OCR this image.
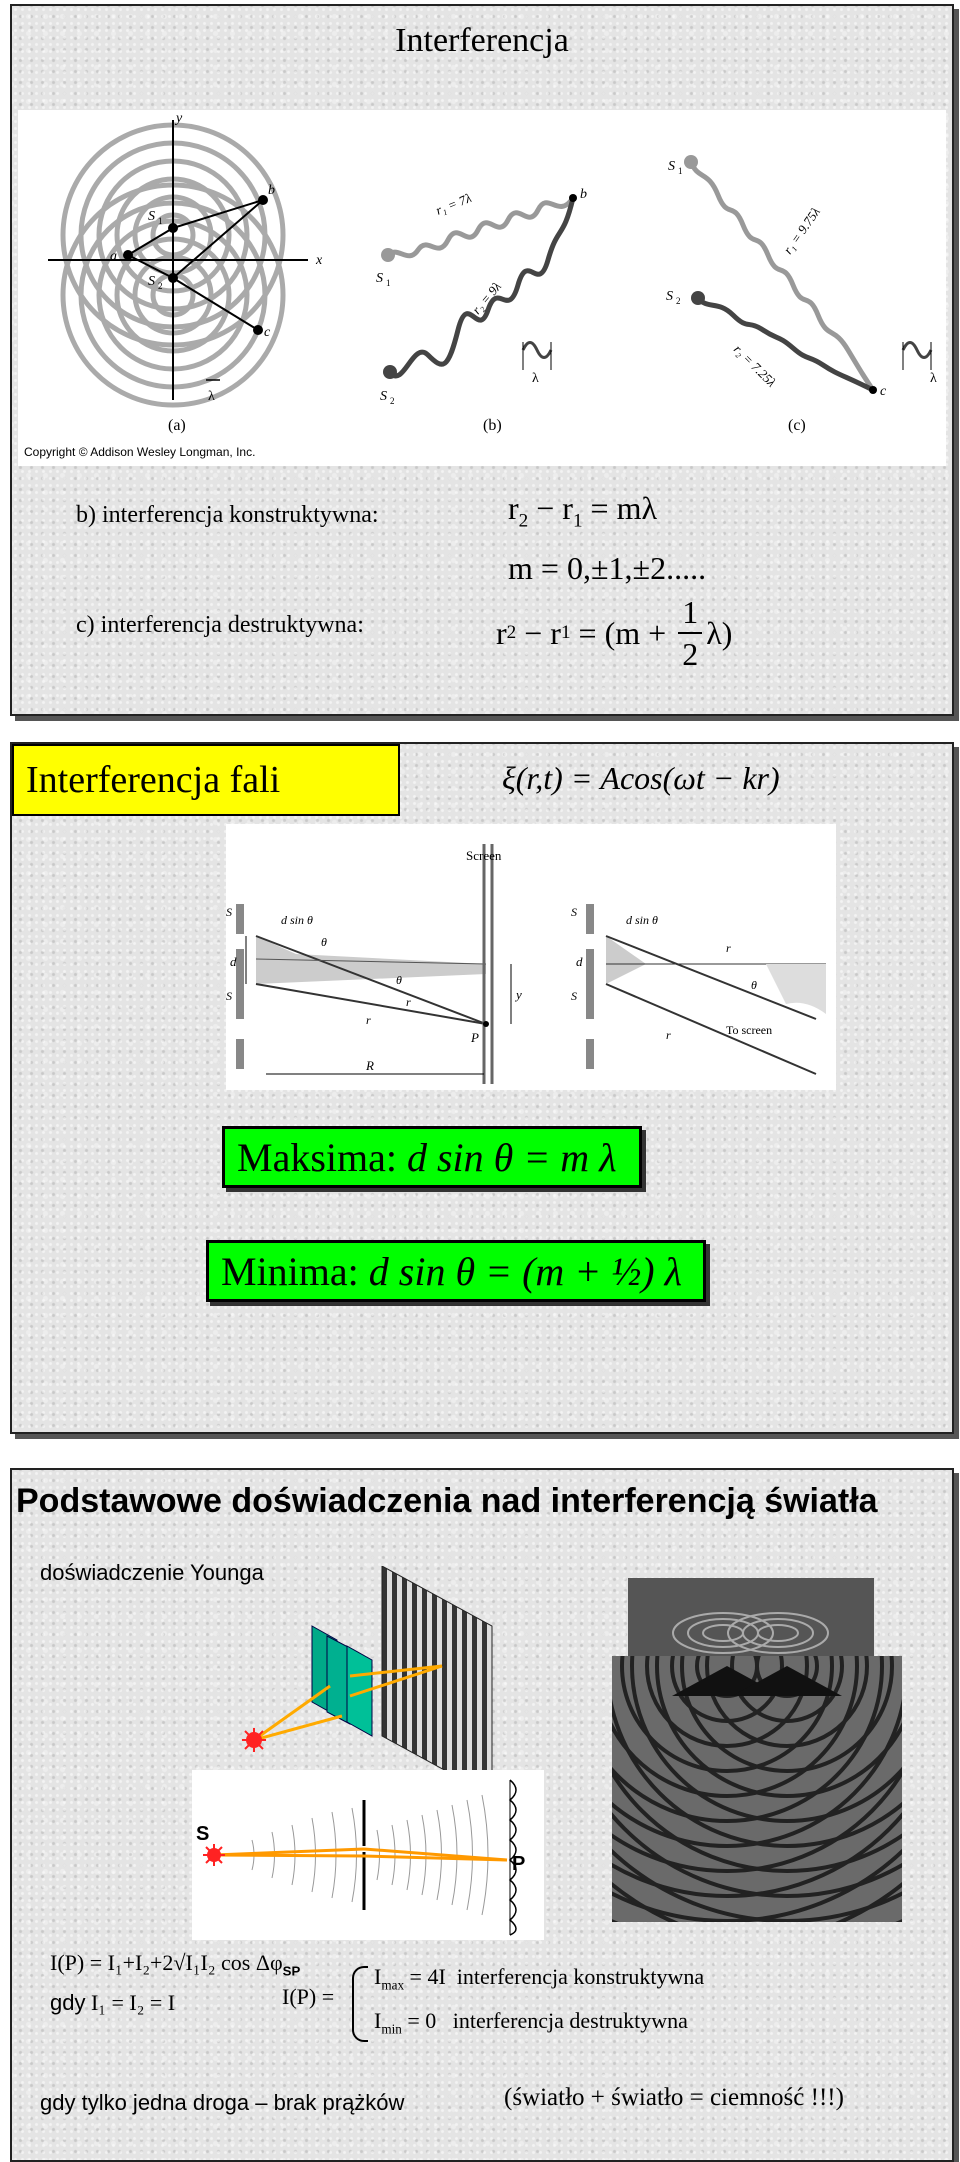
Interferencja
y
x
S 1
S 2
a
b
c
λ
(a)
r₁ = 7λ
r₂ = 9λ
S 1
S 2
b
λ
(b)
r₁ = 9.75λ
r₂ = 7.25λ
S 1
S 2
c
λ
(c)
Copyright © Addison Wesley Longman, Inc.
b) interferencja konstruktywna:	$r_2 - r_1 = m\lambda$
m = 0,±1,±2.....
c) interferencja destruktywna:	r 2 − r $1 = (m + \frac{1}{2} \lambda)$
Interferencja fali	ξ(r,t) = Acos(ωt − kr)
Screen
d sin θ
θ
θ
d
r
r
S
S	y
P
R
d sin θ
r
θ
d
S
S
r	To screen
Maksima:
d sin θ = m λ
Minima:
d sin θ = (m + ½) λ
Podstawowe doświadczenia nad interferencją światła
doświadczenie Younga
S
P
I(P) = I₁+I₂+2√I₁I₂ $\cos \Delta\varphi_{SP}$
gdy I₁ = I₂ = I	I(P) =
$I_{max} = 4I$ interferencja konstruktywna
$I_{min} = 0$ interferencja destruktywna
gdy tylko jedna droga – brak prążków	(światło + światło = ciemność !!!)
